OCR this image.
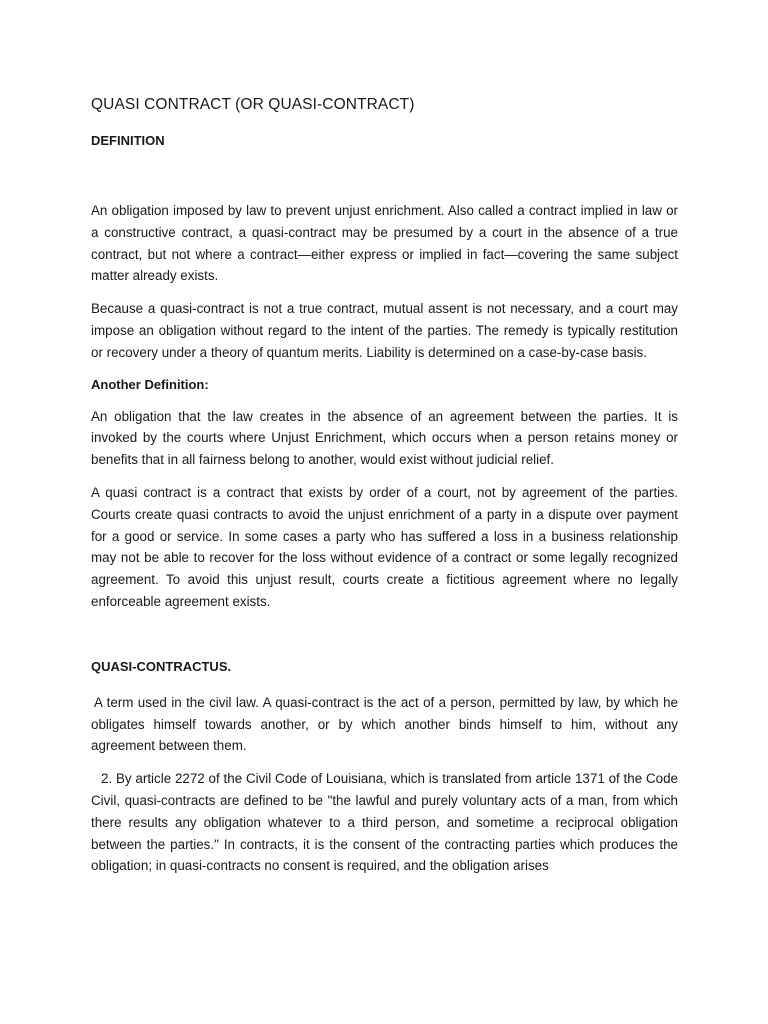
QUASI CONTRACT (OR QUASI-CONTRACT)

DEFINITION

An obligation imposed by law to prevent unjust enrichment. Also called a contract implied in law or a constructive contract, a quasi-contract may be presumed by a court in the absence of a true contract, but not where a contract—either express or implied in fact—covering the same subject matter already exists.

Because a quasi-contract is not a true contract, mutual assent is not necessary, and a court may impose an obligation without regard to the intent of the parties. The remedy is typically restitution or recovery under a theory of quantum merits. Liability is determined on a case-by-case basis.

Another Definition:

An obligation that the law creates in the absence of an agreement between the parties. It is invoked by the courts where Unjust Enrichment, which occurs when a person retains money or benefits that in all fairness belong to another, would exist without judicial relief.

A quasi contract is a contract that exists by order of a court, not by agreement of the parties. Courts create quasi contracts to avoid the unjust enrichment of a party in a dispute over payment for a good or service. In some cases a party who has suffered a loss in a business relationship may not be able to recover for the loss without evidence of a contract or some legally recognized agreement. To avoid this unjust result, courts create a fictitious agreement where no legally enforceable agreement exists.

QUASI-CONTRACTUS.

A term used in the civil law. A quasi-contract is the act of a person, permitted by law, by which he obligates himself towards another, or by which another binds himself to him, without any agreement between them.

2. By article 2272 of the Civil Code of Louisiana, which is translated from article 1371 of the Code Civil, quasi-contracts are defined to be "the lawful and purely voluntary acts of a man, from which there results any obligation whatever to a third person, and sometime a reciprocal obligation between the parties." In contracts, it is the consent of the contracting parties which produces the obligation; in quasi-contracts no consent is required, and the obligation arises
